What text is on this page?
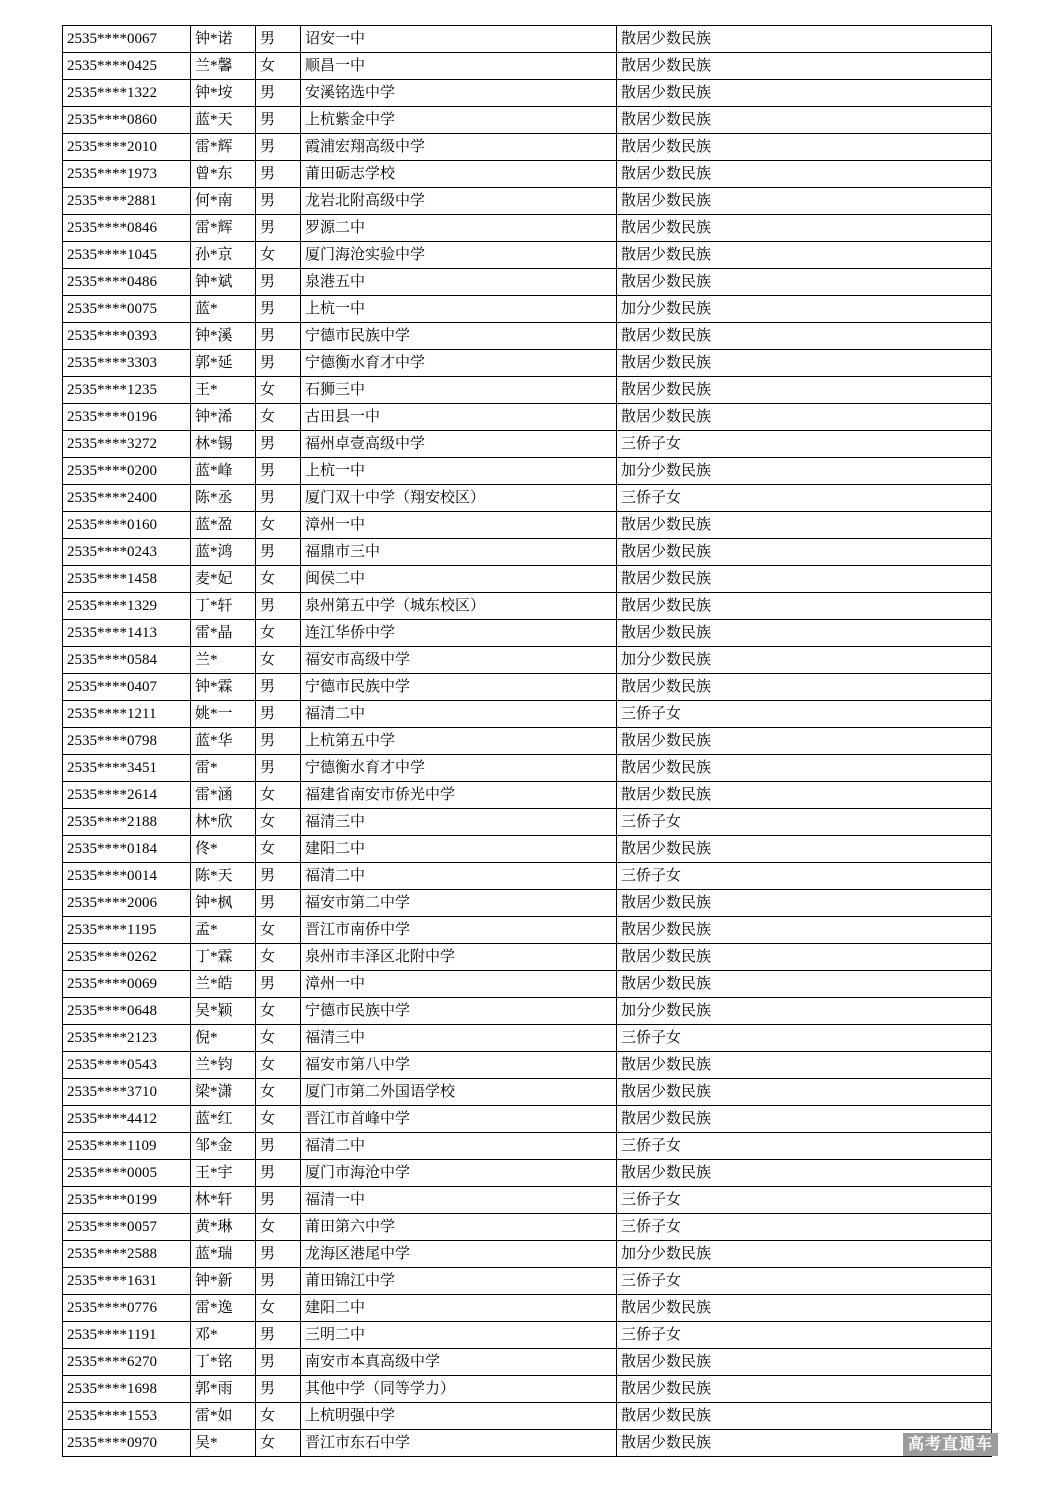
2535****0067	钟*诺	男	诏安一中	散居少数民族
2535****0425	兰*馨	女	顺昌一中	散居少数民族
2535****1322	钟*垵	男	安溪铭选中学	散居少数民族
2535****0860	蓝*天	男	上杭紫金中学	散居少数民族
2535****2010	雷*辉	男	霞浦宏翔高级中学	散居少数民族
2535****1973	曾*东	男	莆田砺志学校	散居少数民族
2535****2881	何*南	男	龙岩北附高级中学	散居少数民族
2535****0846	雷*辉	男	罗源二中	散居少数民族
2535****1045	孙*京	女	厦门海沧实验中学	散居少数民族
2535****0486	钟*斌	男	泉港五中	散居少数民族
2535****0075	蓝*	男	上杭一中	加分少数民族
2535****0393	钟*溪	男	宁德市民族中学	散居少数民族
2535****3303	郭*延	男	宁德衡水育才中学	散居少数民族
2535****1235	王*	女	石狮三中	散居少数民族
2535****0196	钟*浠	女	古田县一中	散居少数民族
2535****3272	林*锡	男	福州卓壹高级中学	三侨子女
2535****0200	蓝*峰	男	上杭一中	加分少数民族
2535****2400	陈*丞	男	厦门双十中学（翔安校区）	三侨子女
2535****0160	蓝*盈	女	漳州一中	散居少数民族
2535****0243	蓝*鸿	男	福鼎市三中	散居少数民族
2535****1458	麦*妃	女	闽侯二中	散居少数民族
2535****1329	丁*轩	男	泉州第五中学（城东校区）	散居少数民族
2535****1413	雷*晶	女	连江华侨中学	散居少数民族
2535****0584	兰*	女	福安市高级中学	加分少数民族
2535****0407	钟*霖	男	宁德市民族中学	散居少数民族
2535****1211	姚*一	男	福清二中	三侨子女
2535****0798	蓝*华	男	上杭第五中学	散居少数民族
2535****3451	雷*	男	宁德衡水育才中学	散居少数民族
2535****2614	雷*涵	女	福建省南安市侨光中学	散居少数民族
2535****2188	林*欣	女	福清三中	三侨子女
2535****0184	佟*	女	建阳二中	散居少数民族
2535****0014	陈*天	男	福清二中	三侨子女
2535****2006	钟*枫	男	福安市第二中学	散居少数民族
2535****1195	孟*	女	晋江市南侨中学	散居少数民族
2535****0262	丁*霖	女	泉州市丰泽区北附中学	散居少数民族
2535****0069	兰*皓	男	漳州一中	散居少数民族
2535****0648	吴*颖	女	宁德市民族中学	加分少数民族
2535****2123	倪*	女	福清三中	三侨子女
2535****0543	兰*钧	女	福安市第八中学	散居少数民族
2535****3710	梁*潇	女	厦门市第二外国语学校	散居少数民族
2535****4412	蓝*红	女	晋江市首峰中学	散居少数民族
2535****1109	邹*金	男	福清二中	三侨子女
2535****0005	王*宇	男	厦门市海沧中学	散居少数民族
2535****0199	林*轩	男	福清一中	三侨子女
2535****0057	黄*琳	女	莆田第六中学	三侨子女
2535****2588	蓝*瑞	男	龙海区港尾中学	加分少数民族
2535****1631	钟*新	男	莆田锦江中学	三侨子女
2535****0776	雷*逸	女	建阳二中	散居少数民族
2535****1191	邓*	男	三明二中	三侨子女
2535****6270	丁*铭	男	南安市本真高级中学	散居少数民族
2535****1698	郭*雨	男	其他中学（同等学力）	散居少数民族
2535****1553	雷*如	女	上杭明强中学	散居少数民族
2535****0970	吴*	女	晋江市东石中学	散居少数民族	高考直通车
